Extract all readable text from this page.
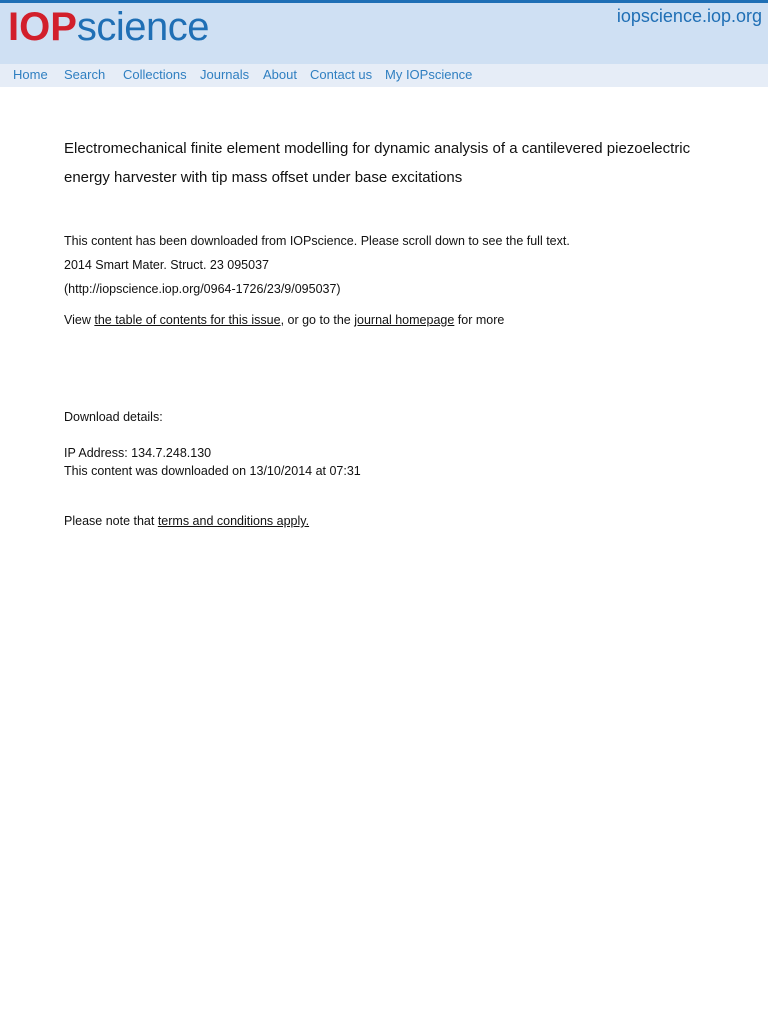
IOPscience	iopscience.iop.org
Home Search Collections Journals About Contact us My IOPscience
Electromechanical finite element modelling for dynamic analysis of a cantilevered piezoelectric energy harvester with tip mass offset under base excitations
This content has been downloaded from IOPscience. Please scroll down to see the full text.
2014 Smart Mater. Struct. 23 095037
(http://iopscience.iop.org/0964-1726/23/9/095037)
View the table of contents for this issue, or go to the journal homepage for more
Download details:
IP Address: 134.7.248.130
This content was downloaded on 13/10/2014 at 07:31
Please note that terms and conditions apply.
